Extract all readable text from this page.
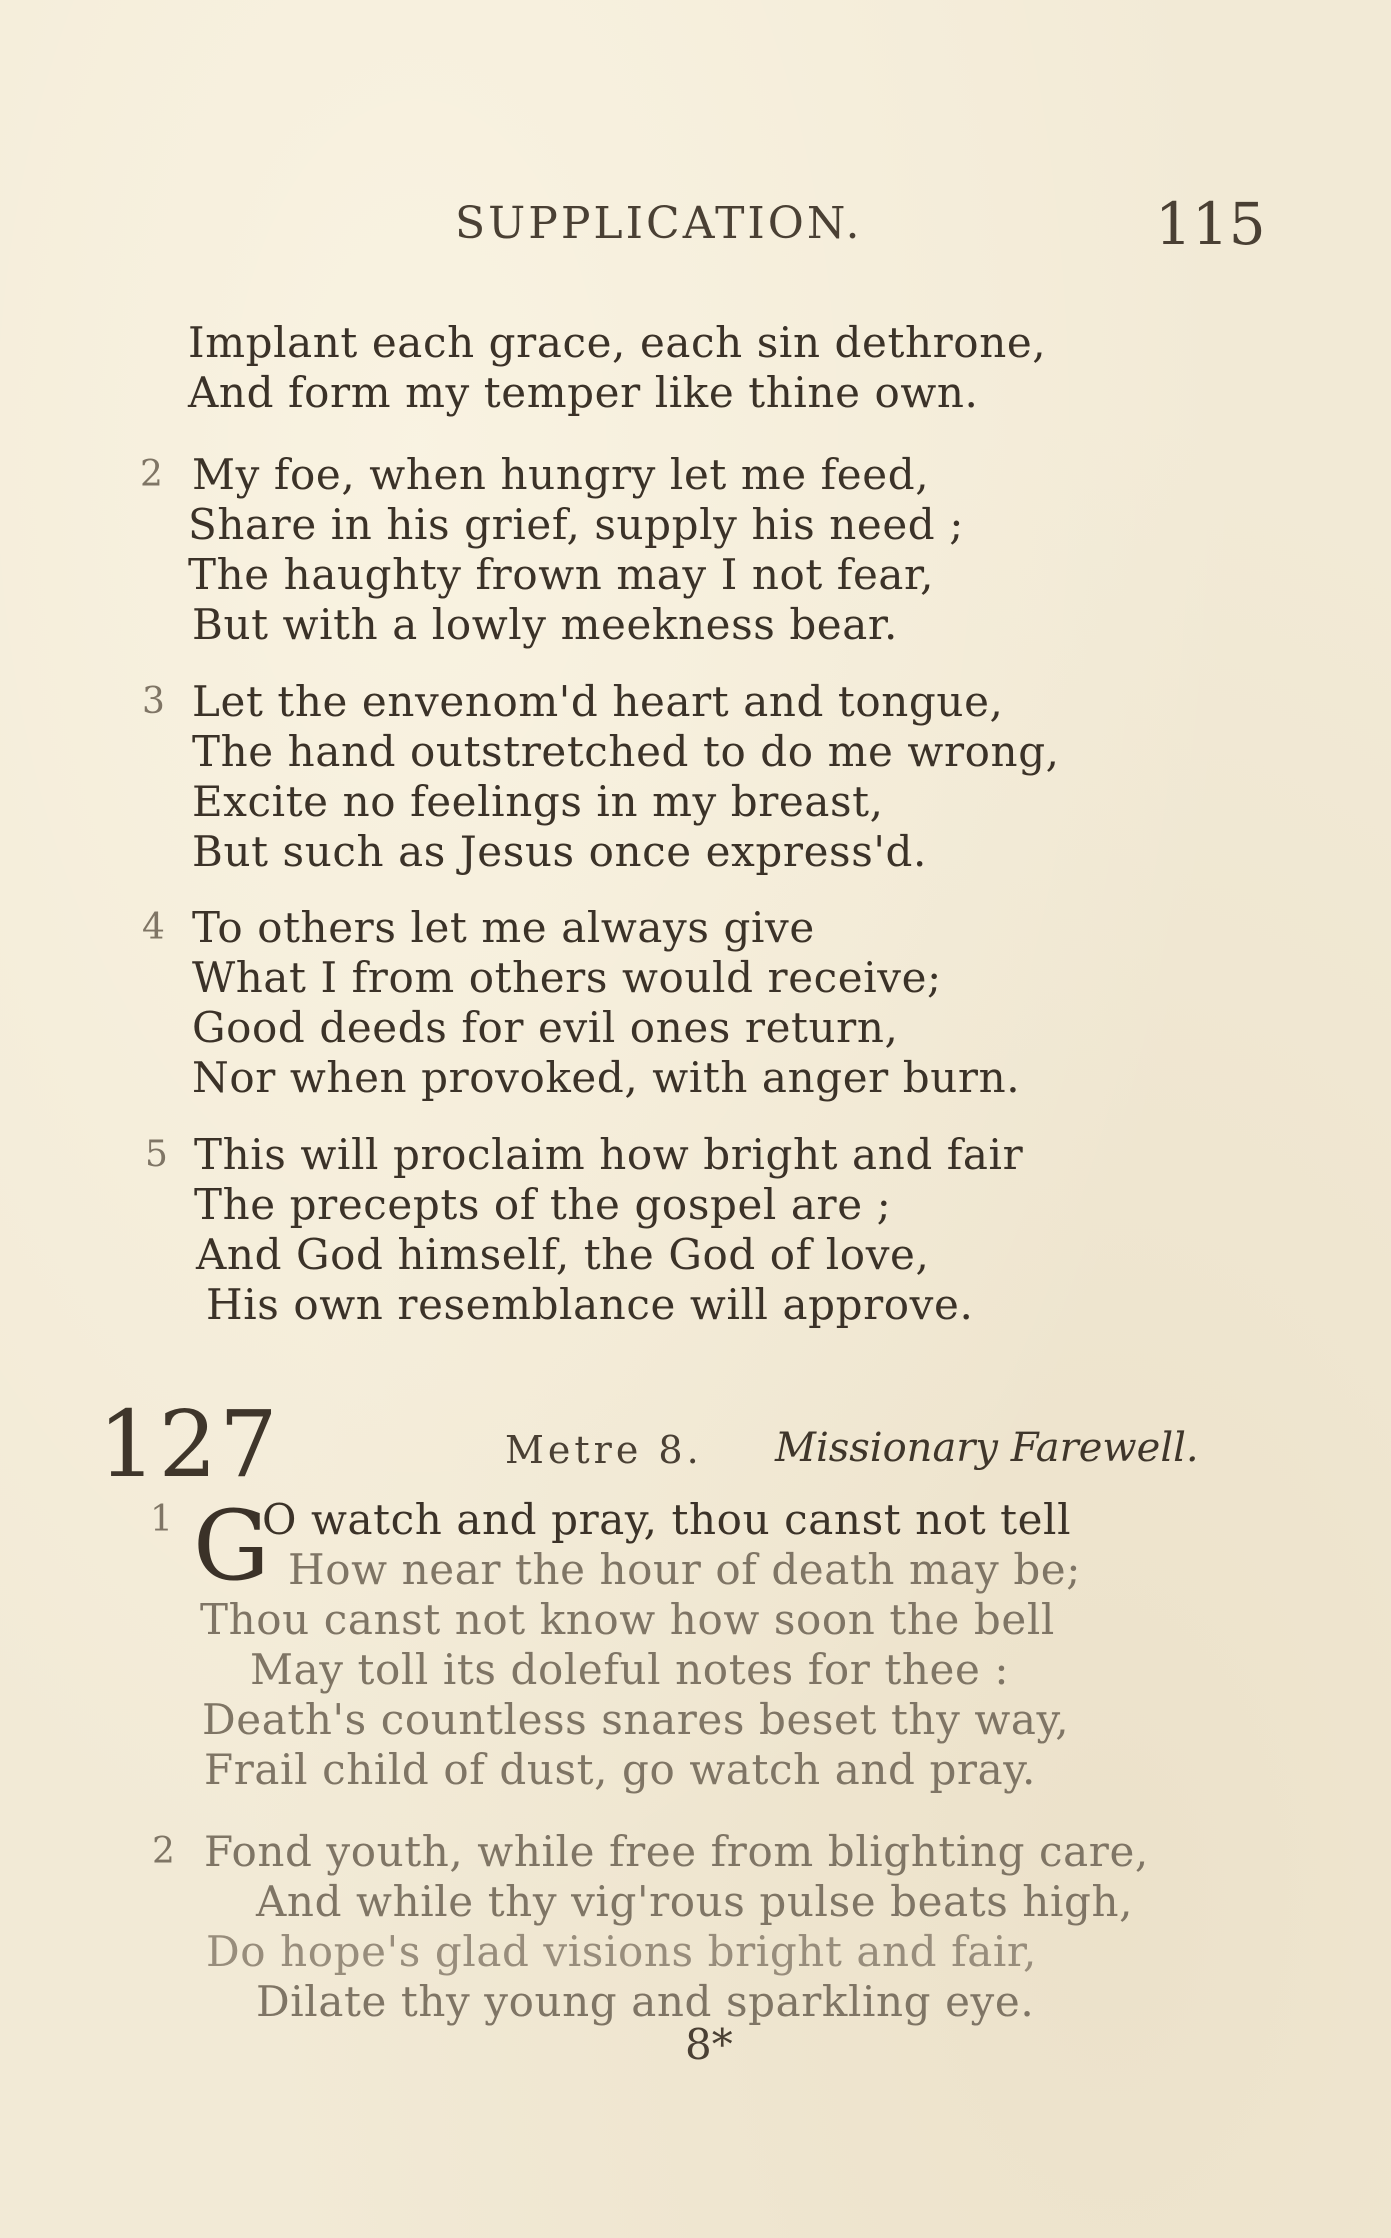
SUPPLICATION.	115
Implant each grace, each sin dethrone,
And form my temper like thine own.
2 My foe, when hungry let me feed,
Share in his grief, supply his need ;
The haughty frown may I not fear,
But with a lowly meekness bear.
3 Let the envenom'd heart and tongue,
The hand outstretched to do me wrong,
Excite no feelings in my breast,
But such as Jesus once express'd.
4 To others let me always give
What I from others would receive;
Good deeds for evil ones return,
Nor when provoked, with anger burn.
5 This will proclaim how bright and fair
The precepts of the gospel are ;
And God himself, the God of love,
His own resemblance will approve.
127	Metre 8. Missionary Farewell.
1 G
O watch and pray, thou canst not tell
How near the hour of death may be;
Thou canst not know how soon the bell
May toll its doleful notes for thee :
Death's countless snares beset thy way,
Frail child of dust, go watch and pray.
2 Fond youth, while free from blighting care,
And while thy vig'rous pulse beats high,
Do hope's glad visions bright and fair,
Dilate thy young and sparkling eye.
8*
